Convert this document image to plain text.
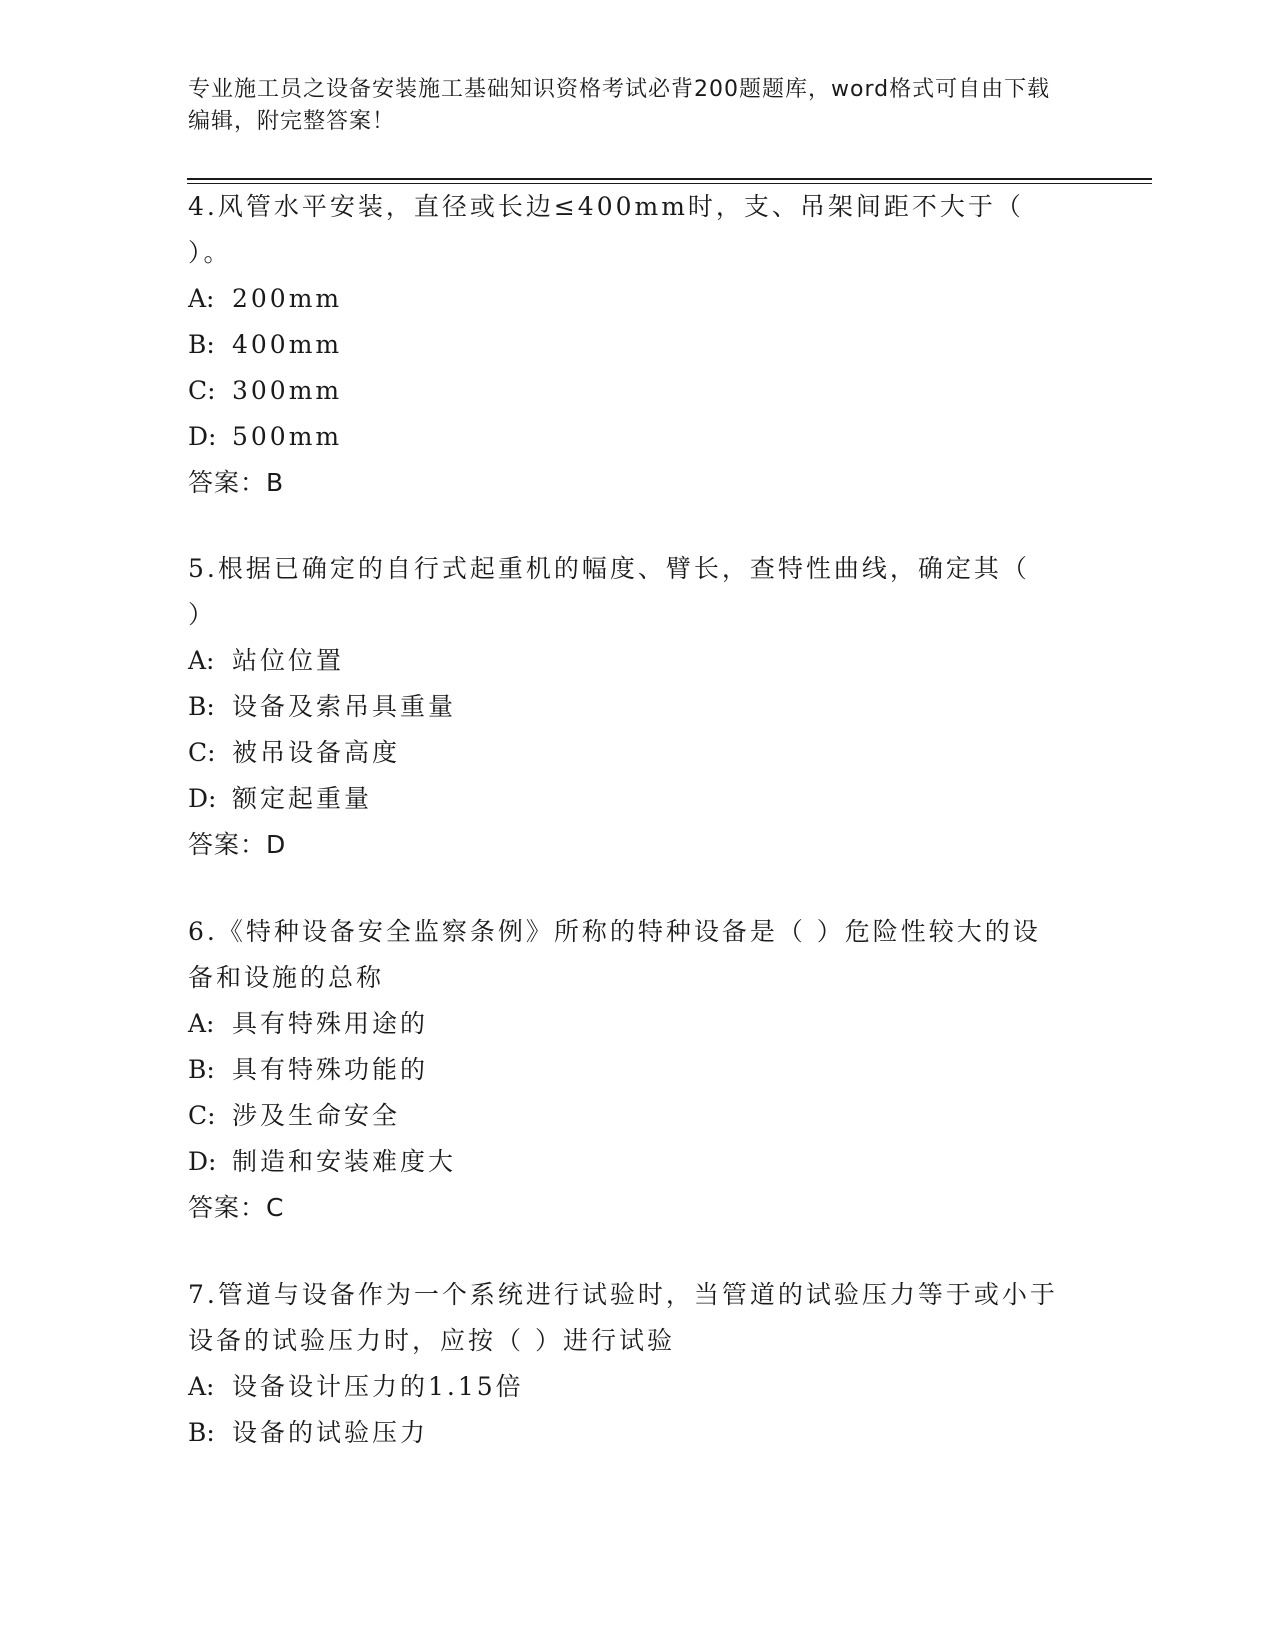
专业施工员之设备安装施工基础知识资格考试必背200题题库，word格式可自由下载编辑，附完整答案！

4.风管水平安装，直径或长边≤400mm时，支、吊架间距不大于（ ）。

A: 200mm

B: 400mm

C: 300mm

D: 500mm

答案：B

5.根据已确定的自行式起重机的幅度、臂长，查特性曲线，确定其（ ）

A: 站位位置

B: 设备及索吊具重量

C: 被吊设备高度

D: 额定起重量

答案：D

6.《特种设备安全监察条例》所称的特种设备是（ ）危险性较大的设备和设施的总称

A: 具有特殊用途的

B: 具有特殊功能的

C: 涉及生命安全

D: 制造和安装难度大

答案：C

7.管道与设备作为一个系统进行试验时，当管道的试验压力等于或小于设备的试验压力时，应按（ ）进行试验

A: 设备设计压力的1.15倍

B: 设备的试验压力
